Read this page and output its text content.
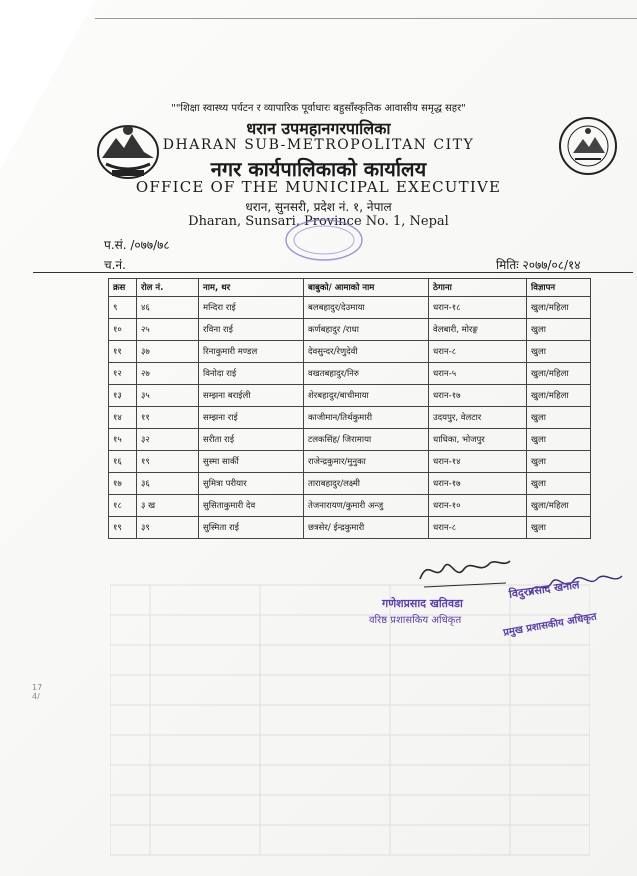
""शिक्षा स्वास्थ्य पर्यटन र व्यापारिक पूर्वाधारः बहुसाँस्कृतिक आवासीय समृद्ध सहर"
धरान उपमहानगरपालिका
DHARAN SUB-METROPOLITAN CITY
नगर कार्यपालिकाको कार्यालय
OFFICE OF THE MUNICIPAL EXECUTIVE
धरान, सुनसरी, प्रदेश नं. १, नेपाल
Dharan, Sunsari, Province No. 1, Nepal
प.सं. /०७७/७८
च.नं.	मितिः २०७७/०८/१४
क्रस	रोल नं.	नाम, थर	बाबुको/ आमाको नाम	ठेगाना	विज्ञापन
९	४६	मन्दिरा राई	बलबहादुर/देउमाया	धरान-१८	खुला/महिला
१०	२५	रविना राई	कर्णबहादुर /राधा	वेलबारी, मोरङ्ग	खुला
११	३७	रिनाकुमारी मण्डल	देवसुन्दर/रेणुदेवी	धरान-८	खुला
१२	२७	विनोदा राई	वखतबहादुर/निरु	धरान-५	खुला/महिला
१३	३५	सम्झना बराईली	शेरबहादुर/बाचीमाया	धरान-१७	खुला/महिला
१४	११	सम्झना राई	काजीमान/तिर्थकुमारी	उदयपुर, वेलटार	खुला
१५	३२	सरीता राई	टलकसिंह/ जिरामाया	धाधिका, भोजपुर	खुला
१६	१९	सुस्मा सार्की	राजेन्द्रकुमार/मुनुका	धरान-१४	खुला
१७	३६	सुमित्रा परीयार	ताराबहादुर/लक्ष्मी	धरान-१७	खुला
१८	३ ख	सुसिताकुमारी देव	तेजनारायण/कुमारी अन्जु	धरान-१०	खुला/महिला
१९	३९	सुस्मिता राई	छत्रसेर/ ईन्द्रकुमारी	धरान-८	खुला
गणेशप्रसाद खतिवडा
वरिष्ठ प्रशासकिय अधिकृत
विदुरप्रसाद खनाल
प्रमुख प्रशासकीय अधिकृत
17
4/
